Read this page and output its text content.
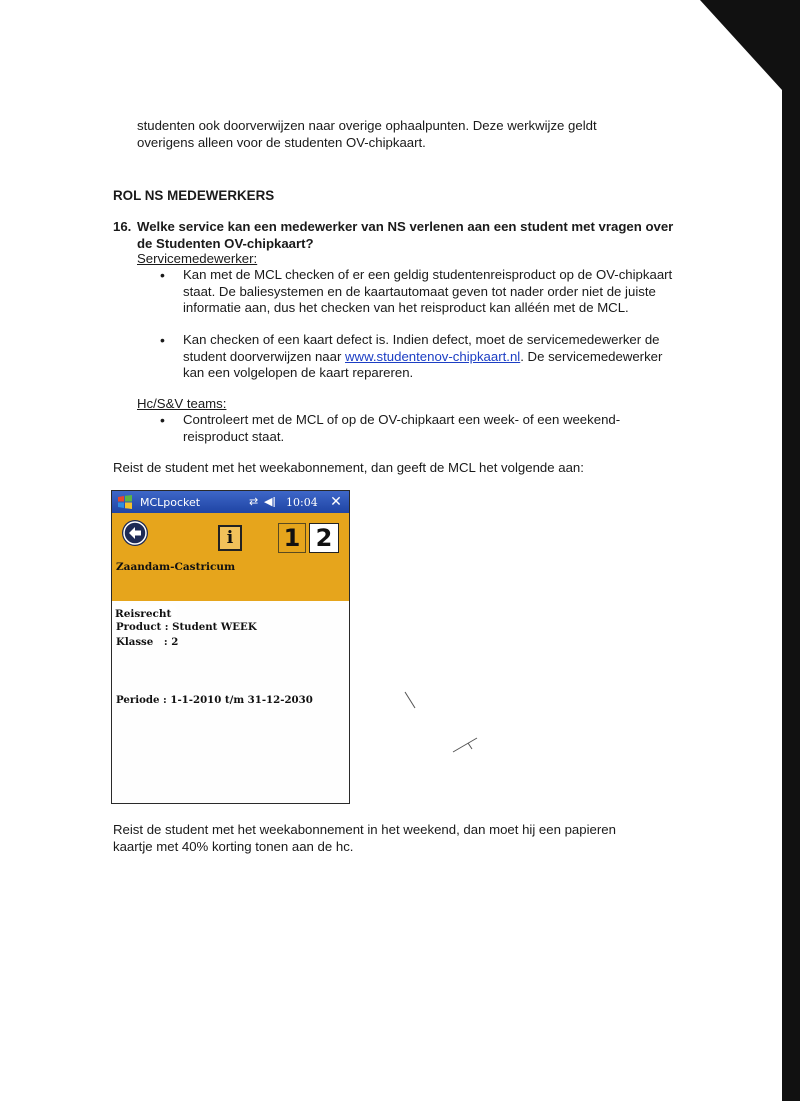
studenten ook doorverwijzen naar overige ophaalpunten. Deze werkwijze geldt overigens alleen voor de studenten OV-chipkaart.
ROL NS MEDEWERKERS
16. Welke service kan een medewerker van NS verlenen aan een student met vragen over de Studenten OV-chipkaart?
Servicemedewerker:
• Kan met de MCL checken of er een geldig studentenreisproduct op de OV-chipkaart staat. De baliesystemen en de kaartautomaat geven tot nader order niet de juiste informatie aan, dus het checken van het reisproduct kan alléén met de MCL.
• Kan checken of een kaart defect is. Indien defect, moet de servicemedewerker de student doorverwijzen naar www.studentenov-chipkaart.nl. De servicemedewerker kan een volgelopen de kaart repareren.
Hc/S&V teams:
• Controleert met de MCL of op de OV-chipkaart een week- of een weekend-reisproduct staat.
Reist de student met het weekabonnement, dan geeft de MCL het volgende aan:
MCLpocket	⇄ ◀ǀ 10:04 ✕
i	1 2
Zaandam-Castricum
Reisrecht
Product : Student WEEK
Klasse   : 2
Periode : 1-1-2010 t/m 31-12-2030
Reist de student met het weekabonnement in het weekend, dan moet hij een papieren kaartje met 40% korting tonen aan de hc.
